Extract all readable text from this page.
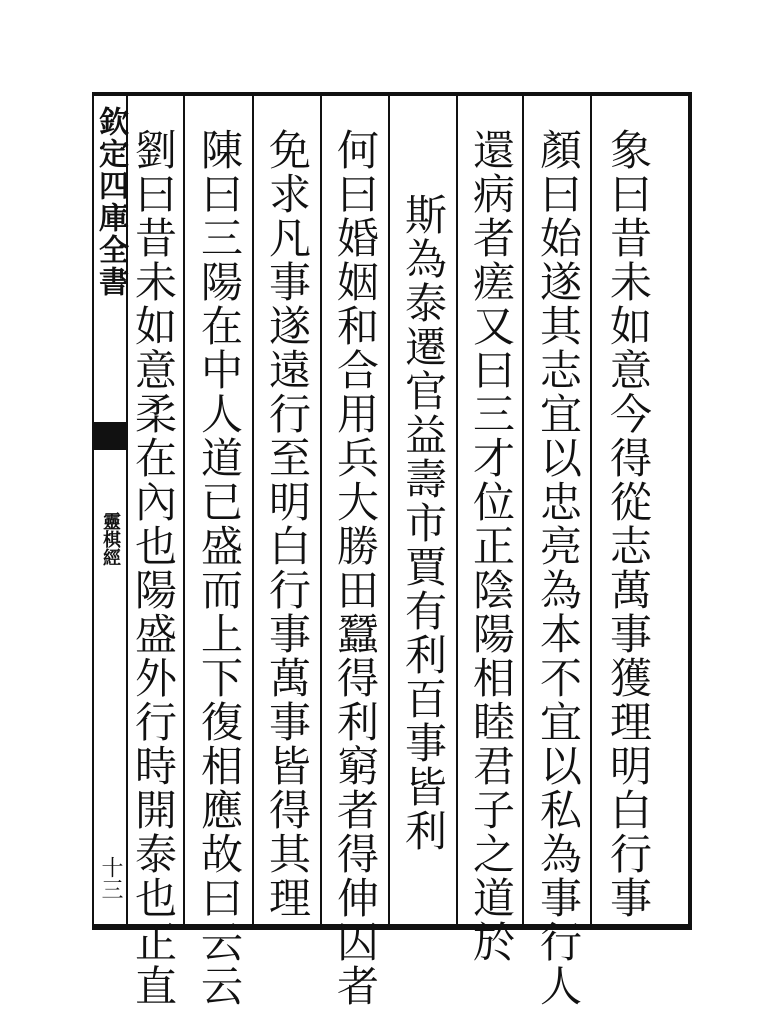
欽定四庫全書
靈棋經
十三	象曰昔未如意今得從志萬事獲理明白行事
顏曰始遂其志宜以忠亮為本不宜以私為事行人
還病者瘥又曰三才位正陰陽相睦君子之道於
斯為泰遷官益壽市賈有利百事皆利
何曰婚姻和合用兵大勝田蠶得利窮者得伸囚者
免求凡事遂遠行至明白行事萬事皆得其理
陳曰三陽在中人道已盛而上下復相應故曰云云
劉曰昔未如意柔在內也陽盛外行時開泰也正直
